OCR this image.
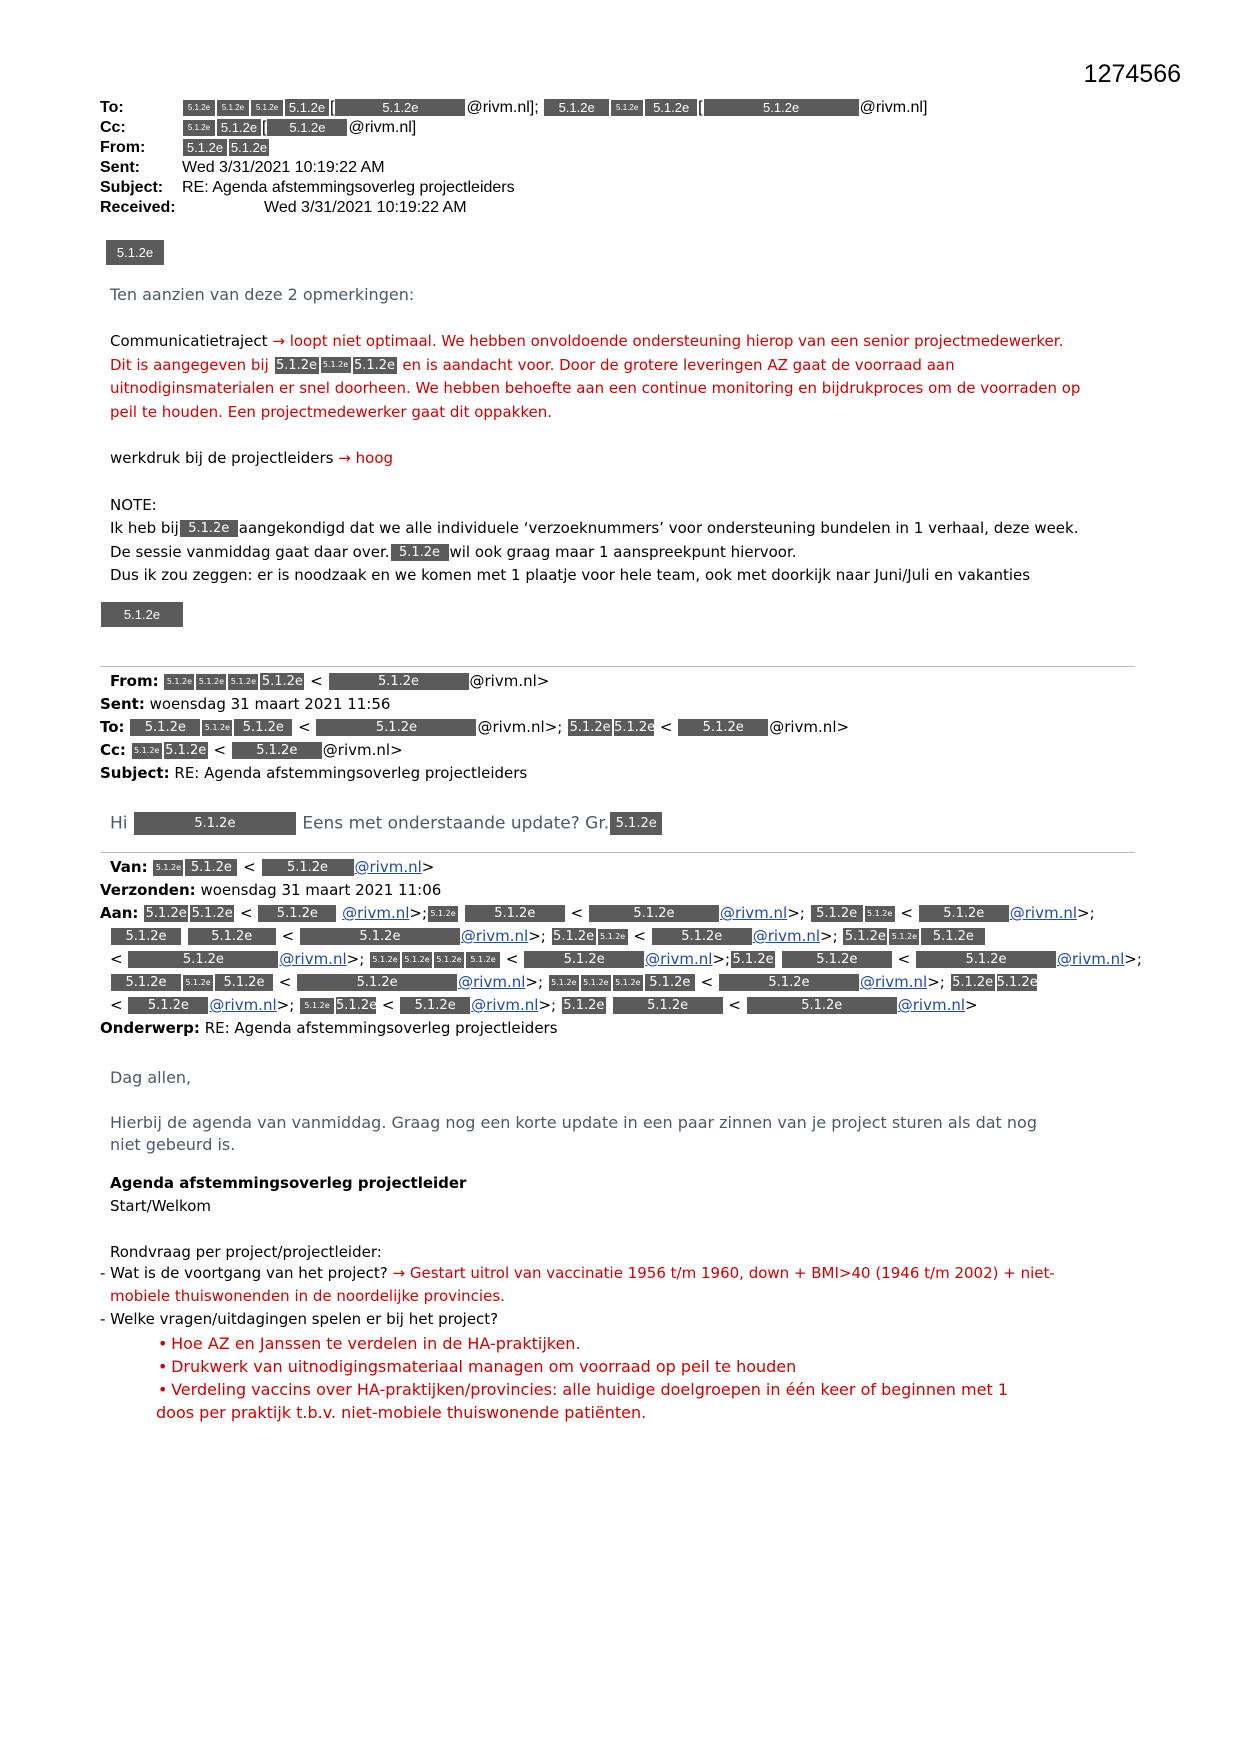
1274566
To:	5.1.2e 5.1.2e 5.1.2e 5.1.2e [	5.1.2e	@rivm.nl]; 5.1.2e	5.1.2e 5.1.2e [	5.1.2e	@rivm.nl]
Cc:	5.1.2e 5.1.2e [ 5.1.2e @rivm.nl]
From:	5.1.2e 5.1.2e
Sent:	Wed 3/31/2021 10:19:22 AM
Subject: RE: Agenda afstemmingsoverleg projectleiders
Received:	Wed 3/31/2021 10:19:22 AM
5.1.2e
Ten aanzien van deze 2 opmerkingen:
Communicatietraject → loopt niet optimaal. We hebben onvoldoende ondersteuning hierop van een senior projectmedewerker.
Dit is aangegeven bij 5.1.2e 5.1.2e 5.1.2e en is aandacht voor. Door de grotere leveringen AZ gaat de voorraad aan
uitnodiginsmaterialen er snel doorheen. We hebben behoefte aan een continue monitoring en bijdrukproces om de voorraden op
peil te houden. Een projectmedewerker gaat dit oppakken.
werkdruk bij de projectleiders → hoog
NOTE:
Ik heb bij 5.1.2e aangekondigd dat we alle individuele ‘verzoeknummers’ voor ondersteuning bundelen in 1 verhaal, deze week.
De sessie vanmiddag gaat daar over. 5.1.2e wil ook graag maar 1 aanspreekpunt hiervoor.
Dus ik zou zeggen: er is noodzaak en we komen met 1 plaatje voor hele team, ook met doorkijk naar Juni/Juli en vakanties
5.1.2e
From: 5.1.2e 5.1.2e 5.1.2e 5.1.2e <	5.1.2e	@rivm.nl>
Sent: woensdag 31 maart 2021 11:56
To: 5.1.2e 5.1.2e 5.1.2e <	5.1.2e	@rivm.nl>; 5.1.2e 5.1.2e < 5.1.2e @rivm.nl>
Cc: 5.1.2e 5.1.2e < 5.1.2e @rivm.nl>
Subject: RE: Agenda afstemmingsoverleg projectleiders
Hi	5.1.2e	Eens met onderstaande update? Gr. 5.1.2e
Van: 5.1.2e 5.1.2e < 5.1.2e @rivm.nl>
Verzonden: woensdag 31 maart 2021 11:06
Aan: 5.1.2e 5.1.2e < 5.1.2e @rivm.nl>; 5.1.2e	5.1.2e <	5.1.2e	@rivm.nl>; 5.1.2e 5.1.2e < 5.1.2e @rivm.nl>;
5.1.2e	5.1.2e <	5.1.2e	@rivm.nl>; 5.1.2e 5.1.2e <	5.1.2e @rivm.nl>; 5.1.2e 5.1.2e 5.1.2e
<	5.1.2e	@rivm.nl>; 5.1.2e 5.1.2e 5.1.2e 5.1.2e <	5.1.2e	@rivm.nl>; 5.1.2e	5.1.2e	<	5.1.2e	@rivm.nl>;
5.1.2e 5.1.2e 5.1.2e <	5.1.2e	@rivm.nl>; 5.1.2e 5.1.2e 5.1.2e 5.1.2e <	5.1.2e	@rivm.nl>; 5.1.2e 5.1.2e
< 5.1.2e @rivm.nl>; 5.1.2e 5.1.2e < 5.1.2e @rivm.nl>; 5.1.2e	5.1.2e	<	5.1.2e	@rivm.nl>
Onderwerp: RE: Agenda afstemmingsoverleg projectleiders
Dag allen,
Hierbij de agenda van vanmiddag. Graag nog een korte update in een paar zinnen van je project sturen als dat nog
niet gebeurd is.
Agenda afstemmingsoverleg projectleider
Start/Welkom
Rondvraag per project/projectleider:
- Wat is de voortgang van het project? → Gestart uitrol van vaccinatie 1956 t/m 1960, down + BMI>40 (1946 t/m 2002) + niet-
mobiele thuiswonenden in de noordelijke provincies.
- Welke vragen/uitdagingen spelen er bij het project?
• Hoe AZ en Janssen te verdelen in de HA-praktijken.
• Drukwerk van uitnodigingsmateriaal managen om voorraad op peil te houden
• Verdeling vaccins over HA-praktijken/provincies: alle huidige doelgroepen in één keer of beginnen met 1
doos per praktijk t.b.v. niet-mobiele thuiswonende patiënten.
